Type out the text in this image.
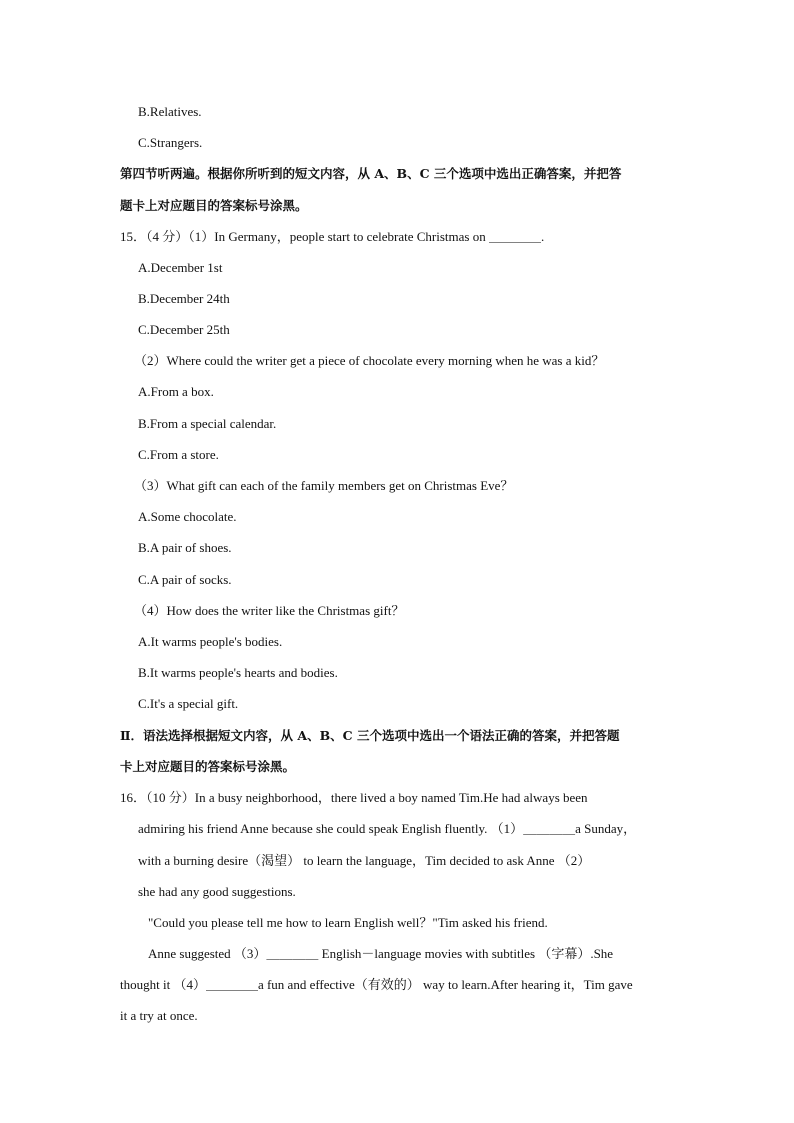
B.Relatives.
C.Strangers.
第四节听两遍。根据你所听到的短文内容，从 A、B、C 三个选项中选出正确答案，并把答
题卡上对应题目的答案标号涂黑。
15．（4 分）（1）In Germany，people start to celebrate Christmas on ＿＿＿＿.
A.December 1st
B.December 24th
C.December 25th
（2）Where could the writer get a piece of chocolate every morning when he was a kid？
A.From a box.
B.From a special calendar.
C.From a store.
（3）What gift can each of the family members get on Christmas Eve？
A.Some chocolate.
B.A pair of shoes.
C.A pair of socks.
（4）How does the writer like the Christmas gift？
A.It warms people's bodies.
B.It warms people's hearts and bodies.
C.It's a special gift.
Ⅱ．语法选择根据短文内容，从 A、B、C 三个选项中选出一个语法正确的答案，并把答题
卡上对应题目的答案标号涂黑。
16．（10 分）In a busy neighborhood，there lived a boy named Tim.He had always been
admiring his friend Anne because she could speak English fluently. （1）＿＿＿＿a Sunday，
with a burning desire（渴望） to learn the language，Tim decided to ask Anne （2）
she had any good suggestions.
"Could you please tell me how to learn English well？"Tim asked his friend.
Anne suggested （3）＿＿＿＿ English－language movies with subtitles （字幕）.She
thought it （4）＿＿＿＿a fun and effective（有效的） way to learn.After hearing it，Tim gave
it a try at once.
